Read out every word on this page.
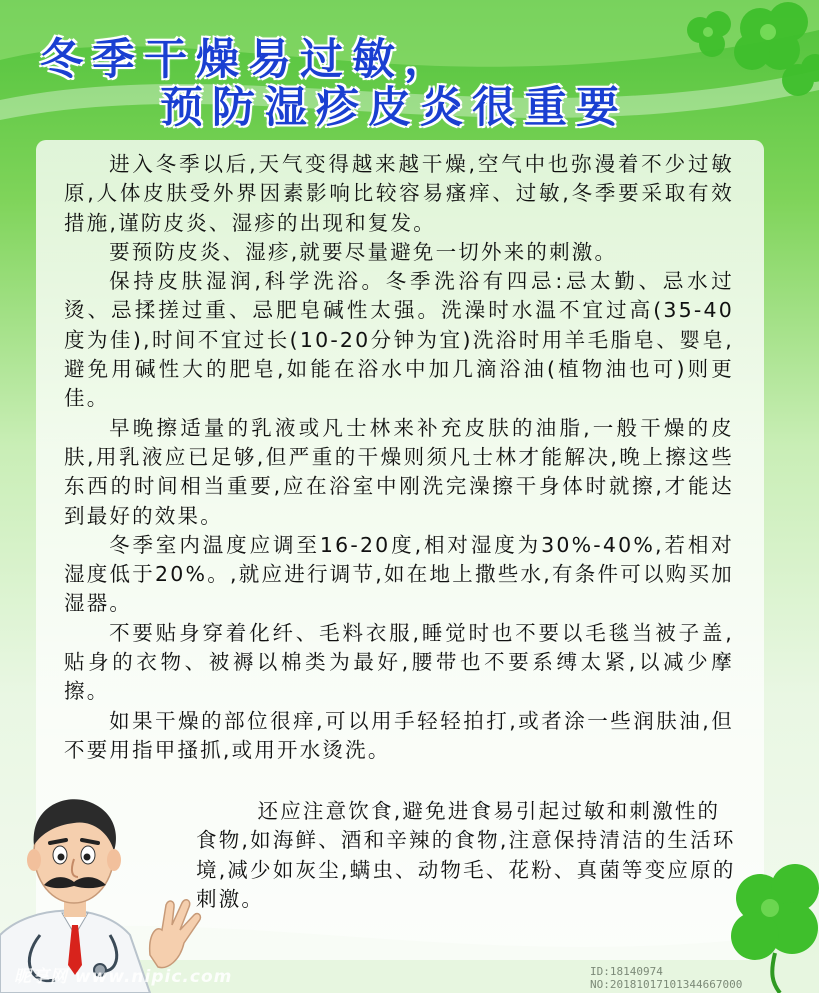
冬季干燥易过敏，
预防湿疹皮炎很重要

进入冬季以后,天气变得越来越干燥,空气中也弥漫着不少过敏原,人体皮肤受外界因素影响比较容易瘙痒、过敏,冬季要采取有效措施,谨防皮炎、湿疹的出现和复发。

要预防皮炎、湿疹,就要尽量避免一切外来的刺激。

保持皮肤湿润,科学洗浴。冬季洗浴有四忌:忌太勤、忌水过烫、忌揉搓过重、忌肥皂碱性太强。洗澡时水温不宜过高(35-40度为佳),时间不宜过长(10-20分钟为宜)洗浴时用羊毛脂皂、婴皂,避免用碱性大的肥皂,如能在浴水中加几滴浴油(植物油也可)则更佳。

早晚擦适量的乳液或凡士林来补充皮肤的油脂,一般干燥的皮肤,用乳液应已足够,但严重的干燥则须凡士林才能解决,晚上擦这些东西的时间相当重要,应在浴室中刚洗完澡擦干身体时就擦,才能达到最好的效果。

冬季室内温度应调至16-20度,相对湿度为30%-40%,若相对湿度低于20%。,就应进行调节,如在地上撒些水,有条件可以购买加湿器。

不要贴身穿着化纤、毛料衣服,睡觉时也不要以毛毯当被子盖,贴身的衣物、被褥以棉类为最好,腰带也不要系缚太紧,以减少摩擦。

如果干燥的部位很痒,可以用手轻轻拍打,或者涂一些润肤油,但不要用指甲搔抓,或用开水烫洗。

还应注意饮食,避免进食易引起过敏和刺激性的食物,如海鲜、酒和辛辣的食物,注意保持清洁的生活环境,减少如灰尘,螨虫、动物毛、花粉、真菌等变应原的刺激。

昵享网 www.nipic.com	ID:18140974 NO:20181017101344667000
